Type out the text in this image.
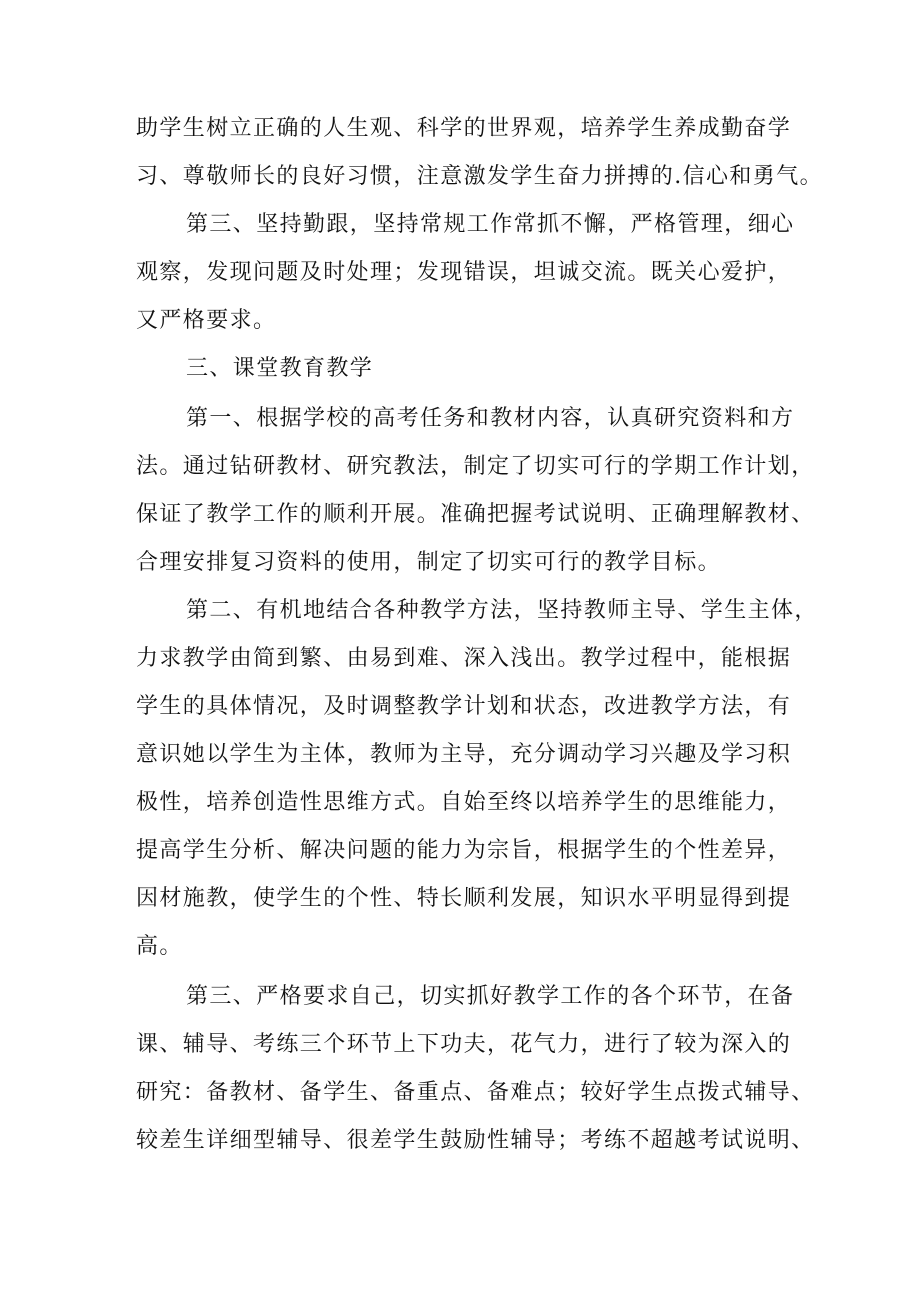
助学生树立正确的人生观、科学的世界观，培养学生养成勤奋学
习、尊敬师长的良好习惯，注意激发学生奋力拼搏的.信心和勇气。
第三、坚持勤跟，坚持常规工作常抓不懈，严格管理，细心
观察，发现问题及时处理；发现错误，坦诚交流。既关心爱护，
又严格要求。
三、课堂教育教学
第一、根据学校的高考任务和教材内容，认真研究资料和方
法。通过钻研教材、研究教法，制定了切实可行的学期工作计划，
保证了教学工作的顺利开展。准确把握考试说明、正确理解教材、
合理安排复习资料的使用，制定了切实可行的教学目标。
第二、有机地结合各种教学方法，坚持教师主导、学生主体，
力求教学由简到繁、由易到难、深入浅出。教学过程中，能根据
学生的具体情况，及时调整教学计划和状态，改进教学方法，有
意识她以学生为主体，教师为主导，充分调动学习兴趣及学习积
极性，培养创造性思维方式。自始至终以培养学生的思维能力，
提高学生分析、解决问题的能力为宗旨，根据学生的个性差异，
因材施教，使学生的个性、特长顺利发展，知识水平明显得到提
高。
第三、严格要求自己，切实抓好教学工作的各个环节，在备
课、辅导、考练三个环节上下功夫，花气力，进行了较为深入的
研究：备教材、备学生、备重点、备难点；较好学生点拨式辅导、
较差生详细型辅导、很差学生鼓励性辅导；考练不超越考试说明、
